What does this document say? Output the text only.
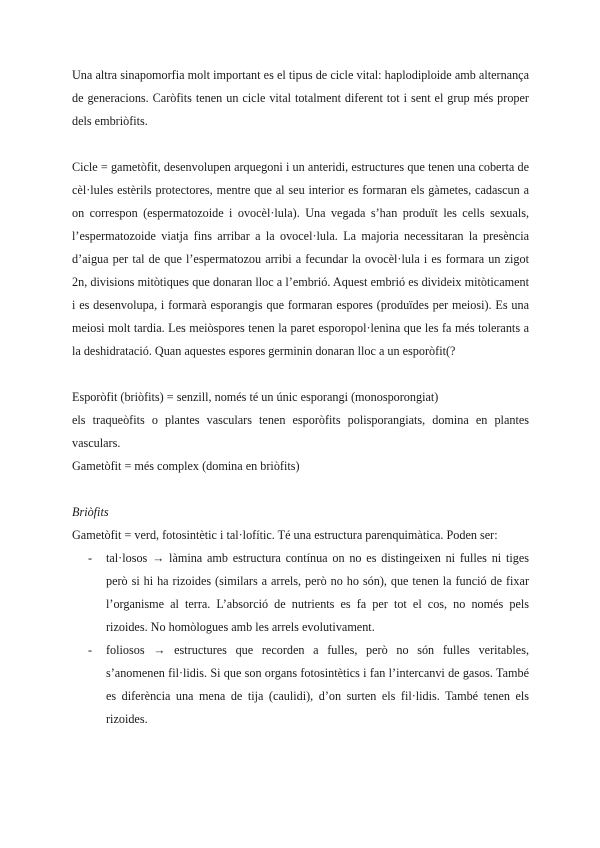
Una altra sinapomorfia molt important es el tipus de cicle vital: haplodiploide amb alternança de generacions. Caròfits tenen un cicle vital totalment diferent tot i sent el grup més proper dels embriòfits.

Cicle = gametòfit, desenvolupen arquegoni i un anteridi, estructures que tenen una coberta de cèl·lules estèrils protectores, mentre que al seu interior es formaran els gàmetes, cadascun a on correspon (espermatozoide i ovocèl·lula). Una vegada s’han produït les cells sexuals, l’espermatozoide viatja fins arribar a la ovocel·lula. La majoria necessitaran la presència d’aigua per tal de que l’espermatozou arribi a fecundar la ovocèl·lula i es formara un zigot 2n, divisions mitòtiques que donaran lloc a l’embrió. Aquest embrió es divideix mitòticament i es desenvolupa, i formarà esporangis que formaran espores (produïdes per meiosi). Es una meiosi molt tardia. Les meiòspores tenen la paret esporopol·lenina que les fa més tolerants a la deshidratació. Quan aquestes espores germinin donaran lloc a un esporòfit(?

Esporòfit (briòfits) = senzill, només té un únic esporangi (monosporongiat)

els traqueòfits o plantes vasculars tenen esporòfits polisporangiats, domina en plantes vasculars.

Gametòfit = més complex (domina en briòfits)

Briòfits

Gametòfit = verd, fotosintètic i tal·lofític. Té una estructura parenquimàtica. Poden ser:

- tal·losos → làmina amb estructura contínua on no es distingeixen ni fulles ni tiges però si hi ha rizoides (similars a arrels, però no ho són), que tenen la funció de fixar l’organisme al terra. L’absorció de nutrients es fa per tot el cos, no només pels rizoides. No homòlogues amb les arrels evolutivament.
- foliosos → estructures que recorden a fulles, però no són fulles veritables, s’anomenen fil·lidis. Si que son organs fotosintètics i fan l’intercanvi de gasos. També es diferència una mena de tija (caulidi), d’on surten els fil·lidis. També tenen els rizoides.
